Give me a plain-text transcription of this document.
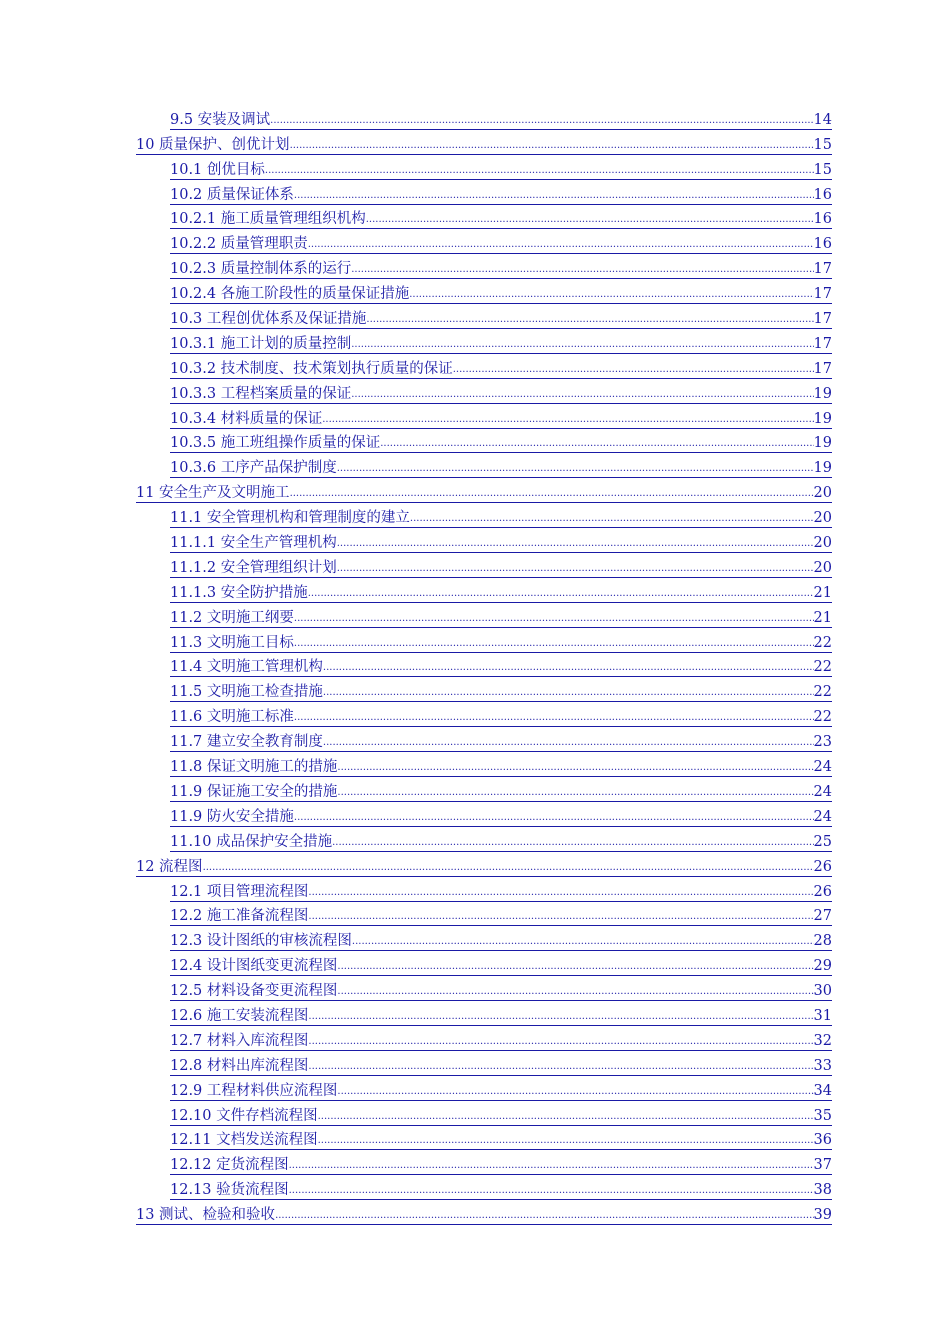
9.5 安装及调试 .....	14
10 质量保护、创优计划 .....	15
10.1 创优目标 .....	15
10.2 质量保证体系 .....	16
10.2.1 施工质量管理组织机构 .....	16
10.2.2 质量管理职责 .....	16
10.2.3 质量控制体系的运行 .....	17
10.2.4 各施工阶段性的质量保证措施 .....	17
10.3 工程创优体系及保证措施 .....	17
10.3.1 施工计划的质量控制 .....	17
10.3.2 技术制度、技术策划执行质量的保证 .....	17
10.3.3 工程档案质量的保证 .....	19
10.3.4 材料质量的保证 .....	19
10.3.5 施工班组操作质量的保证 .....	19
10.3.6 工序产品保护制度 .....	19
11 安全生产及文明施工 .....	20
11.1 安全管理机构和管理制度的建立 .....	20
11.1.1 安全生产管理机构 .....	20
11.1.2 安全管理组织计划 .....	20
11.1.3 安全防护措施 .....	21
11.2 文明施工纲要 .....	21
11.3 文明施工目标 .....	22
11.4 文明施工管理机构 .....	22
11.5 文明施工检查措施 .....	22
11.6 文明施工标准 .....	22
11.7 建立安全教育制度 .....	23
11.8 保证文明施工的措施 .....	24
11.9 保证施工安全的措施 .....	24
11.9 防火安全措施 .....	24
11.10 成品保护安全措施 .....	25
12 流程图 .....	26
12.1 项目管理流程图 .....	26
12.2 施工准备流程图 .....	27
12.3 设计图纸的审核流程图 .....	28
12.4 设计图纸变更流程图 .....	29
12.5 材料设备变更流程图 .....	30
12.6 施工安装流程图 .....	31
12.7 材料入库流程图 .....	32
12.8 材料出库流程图 .....	33
12.9 工程材料供应流程图 .....	34
12.10 文件存档流程图 .....	35
12.11 文档发送流程图 .....	36
12.12 定货流程图 .....	37
12.13 验货流程图 .....	38
13 测试、检验和验收 .....	39
